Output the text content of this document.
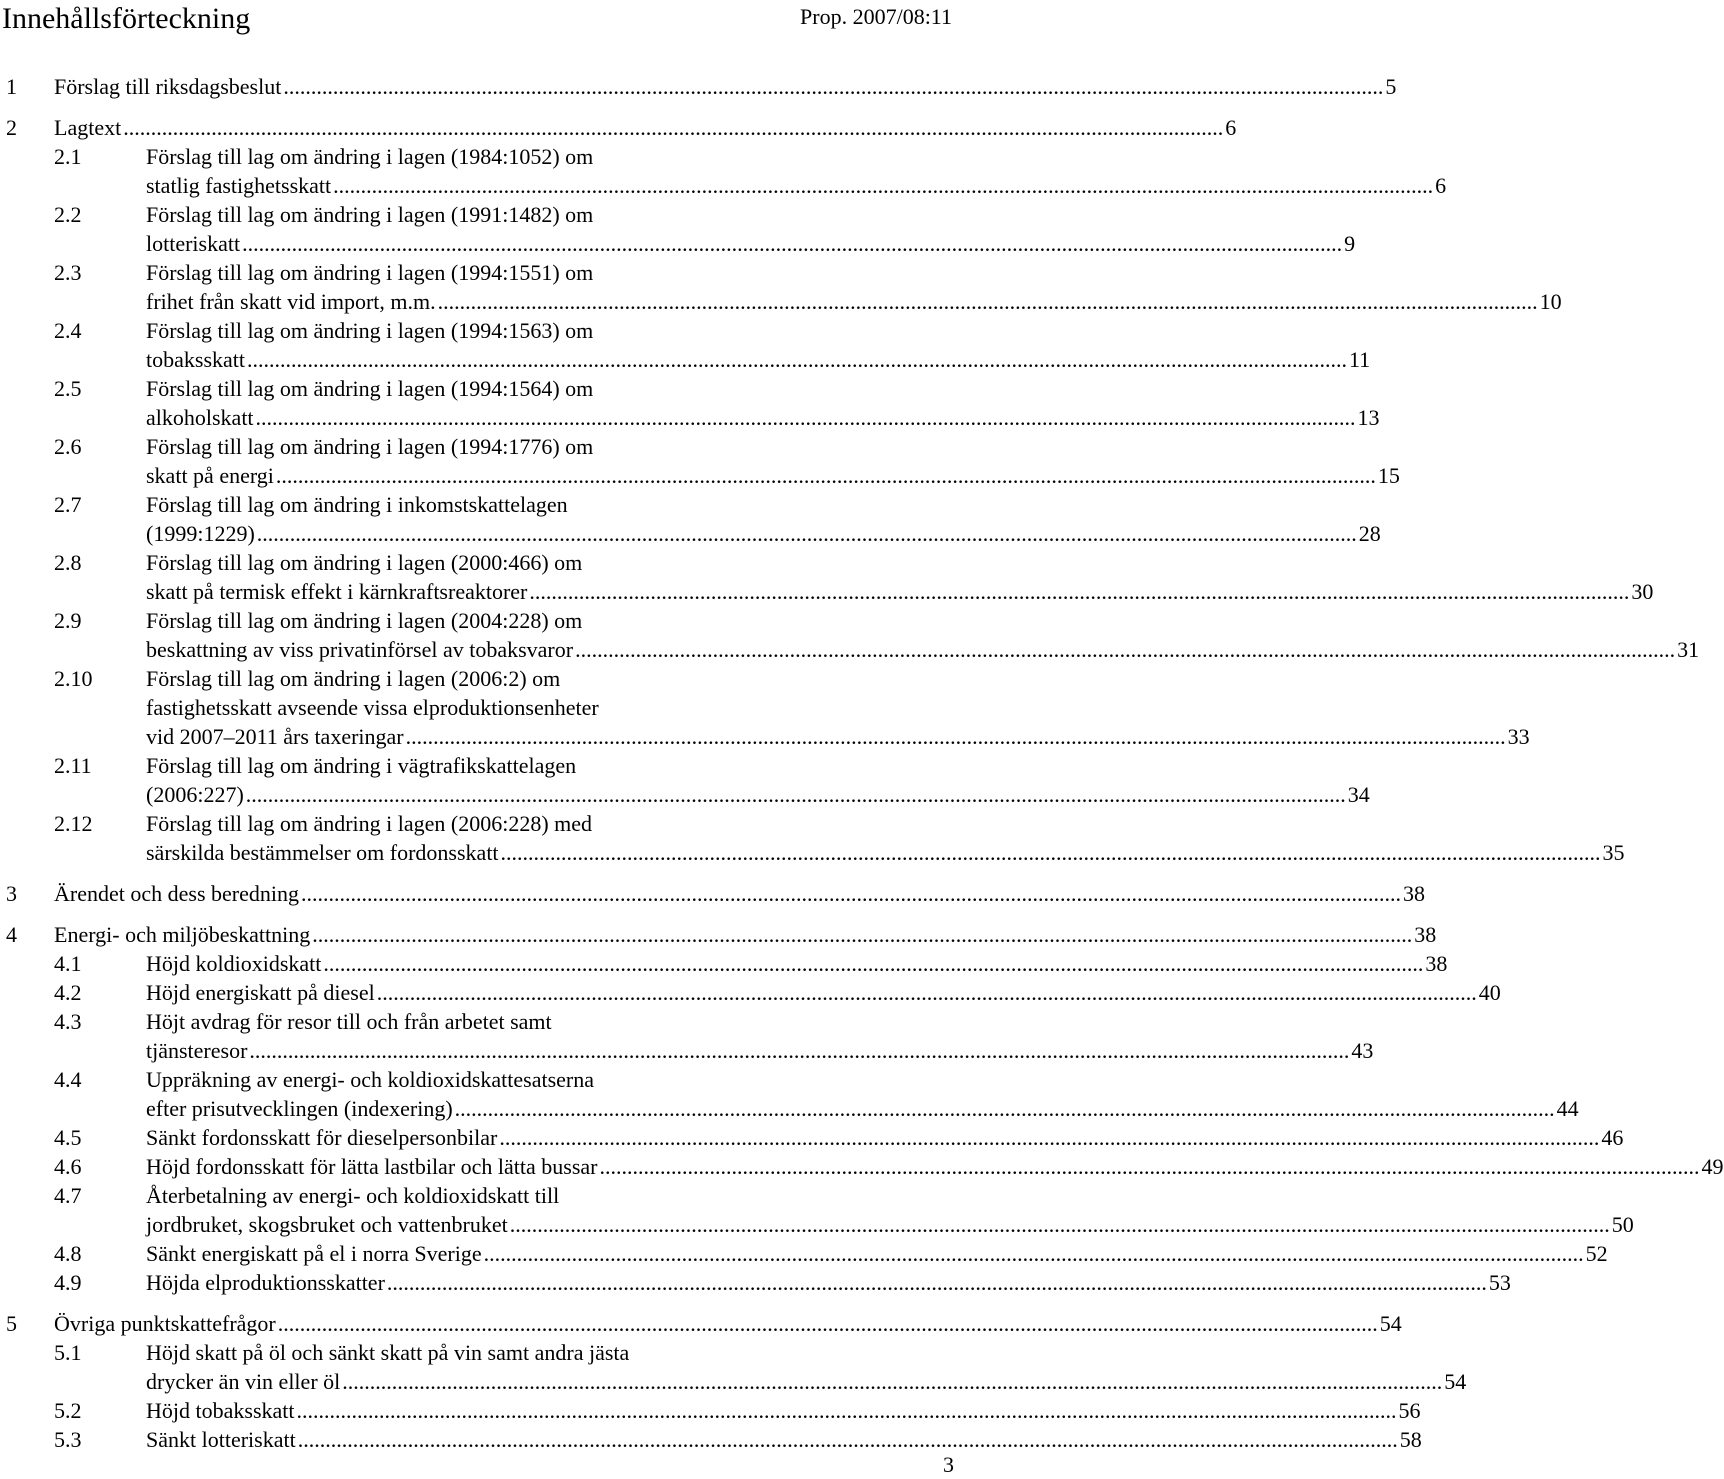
Innehållsförteckning	Prop. 2007/08:11
1 Förslag till riksdagsbeslut ........................................................................................................................................................................................................ 5
2 Lagtext ........................................................................................................................................................................................................ 6
2.1	Förslag till lag om ändring i lagen (1984:1052) om
statlig fastighetsskatt ........................................................................................................................................................................................................ 6
2.2	Förslag till lag om ändring i lagen (1991:1482) om
lotteriskatt ........................................................................................................................................................................................................ 9
2.3	Förslag till lag om ändring i lagen (1994:1551) om
frihet från skatt vid import, m.m. ........................................................................................................................................................................................................ 10
2.4	Förslag till lag om ändring i lagen (1994:1563) om
tobaksskatt ........................................................................................................................................................................................................ 11
2.5	Förslag till lag om ändring i lagen (1994:1564) om
alkoholskatt ........................................................................................................................................................................................................ 13
2.6	Förslag till lag om ändring i lagen (1994:1776) om
skatt på energi ........................................................................................................................................................................................................ 15
2.7	Förslag till lag om ändring i inkomstskattelagen
(1999:1229) ........................................................................................................................................................................................................ 28
2.8	Förslag till lag om ändring i lagen (2000:466) om
skatt på termisk effekt i kärnkraftsreaktorer ........................................................................................................................................................................................................ 30
2.9	Förslag till lag om ändring i lagen (2004:228) om
beskattning av viss privatinförsel av tobaksvaror ........................................................................................................................................................................................................ 31
2.10 Förslag till lag om ändring i lagen (2006:2) om
fastighetsskatt avseende vissa elproduktionsenheter
vid 2007–2011 års taxeringar ........................................................................................................................................................................................................ 33
2.11 Förslag till lag om ändring i vägtrafikskattelagen
(2006:227) ........................................................................................................................................................................................................ 34
2.12 Förslag till lag om ändring i lagen (2006:228) med
särskilda bestämmelser om fordonsskatt ........................................................................................................................................................................................................ 35
3 Ärendet och dess beredning ........................................................................................................................................................................................................ 38
4 Energi- och miljöbeskattning ........................................................................................................................................................................................................ 38
4.1	Höjd koldioxidskatt ........................................................................................................................................................................................................ 38
4.2	Höjd energiskatt på diesel ........................................................................................................................................................................................................ 40
4.3	Höjt avdrag för resor till och från arbetet samt
tjänsteresor ........................................................................................................................................................................................................ 43
4.4	Uppräkning av energi- och koldioxidskattesatserna
efter prisutvecklingen (indexering) ........................................................................................................................................................................................................ 44
4.5	Sänkt fordonsskatt för dieselpersonbilar ........................................................................................................................................................................................................ 46
4.6	Höjd fordonsskatt för lätta lastbilar och lätta bussar ........................................................................................................................................................................................................ 49
4.7	Återbetalning av energi- och koldioxidskatt till
jordbruket, skogsbruket och vattenbruket ........................................................................................................................................................................................................ 50
4.8	Sänkt energiskatt på el i norra Sverige ........................................................................................................................................................................................................ 52
4.9	Höjda elproduktionsskatter ........................................................................................................................................................................................................ 53
5 Övriga punktskattefrågor ........................................................................................................................................................................................................ 54
5.1	Höjd skatt på öl och sänkt skatt på vin samt andra jästa
drycker än vin eller öl ........................................................................................................................................................................................................ 54
5.2	Höjd tobaksskatt ........................................................................................................................................................................................................ 56
5.3	Sänkt lotteriskatt ........................................................................................................................................................................................................ 58
3
